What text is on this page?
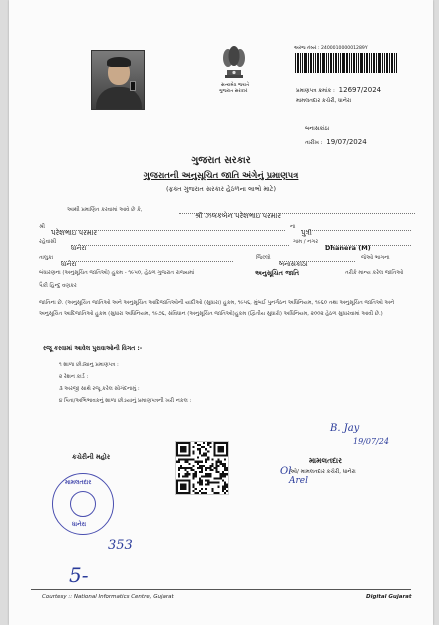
સત્યમેવ જયતે
ગુજરાત સરકાર
અરજ નંબર : 240001000001289Y
પ્રમાણપત્ર ક્રમાંક : 12697/2024
મામલતદાર કચેરી, ધાનેરા
બનાસકાંઠા
તારીખ : 19/07/2024
ગુજરાત સરકાર
ગુજરાતની અનુસૂચિત જાતિ અંગેનું પ્રમાણપત્ર
(ફક્ત ગુજરાત સરકાર હેઠળના લાભો માટે)
આથી પ્રમાણિત કરવામાં આવે છે કે,
શ્રી ઝલકબેન પરેશભાઇ પરમાર
શ્રી
પરેશભાઇ પરમાર
ના
પુત્રી
રહેવાસી
ધાનેરા
ગામ / નગર
Dhanera (M)
તાલુકા
ધાનેરા
જિલ્લો
બનાસકાંઠા
જેઓ ભાગના
બંધારણના (અનુસૂચિત જાતિઓ) હુકમ - ૧૯૫૦, હેઠળ ગુજરાત રાજ્યમાં	અનુસૂચિત જાતિ	તરીકે માન્ય કરેલ જાતિઓ
પૈકી હિન્દુ વણકર
જાતિના છે. (અનુસૂચિત જાતિઓ અને અનુસૂચિત આદિજાતિઓની યાદીઓ (સુધારા) હુકમ, ૧૯૫૬, મુંબઈ પુનર્ગઠન અધિનિયમ, ૧૯૬૦ તથા અનુસૂચિત જાતિઓ અને અનુસૂચિત આદિજાતિઓ હુકમ (સુધારા અધિનિયમ, ૧૯૭૬, સંવિધાન (અનુસૂચિત જાતિઓ)હુકમ (દ્વિતીય સુધારો) અધિનિયમ, ૨૦૦૨ હેઠળ સુધારવામાં આવી છે.)
રજૂ કરવામાં આવેલ પુરાવાઓની વિગત :-
૧ શાળા છોડ્યાનુ પ્રમાણપત્ર :
૨ રેશન કાર્ડ :
૩ અરજી સાથે રજૂ કરેલ સોગંદનામું :
૪ પિતા/અભિભાવકનું શાળા છોડયાનું પ્રમાણપત્રની ખરી નકલ :
કચેરીની મહોર
B. Jay
19/07/24
મામલતદાર
Ol
ઓ/ મામલતદાર કચેરી, ધાનેરા
Arel
મામલતદાર
ધાનેરા
353
5-
Courtesy :: National Informatics Centre, Gujarat	Digital Gujarat
